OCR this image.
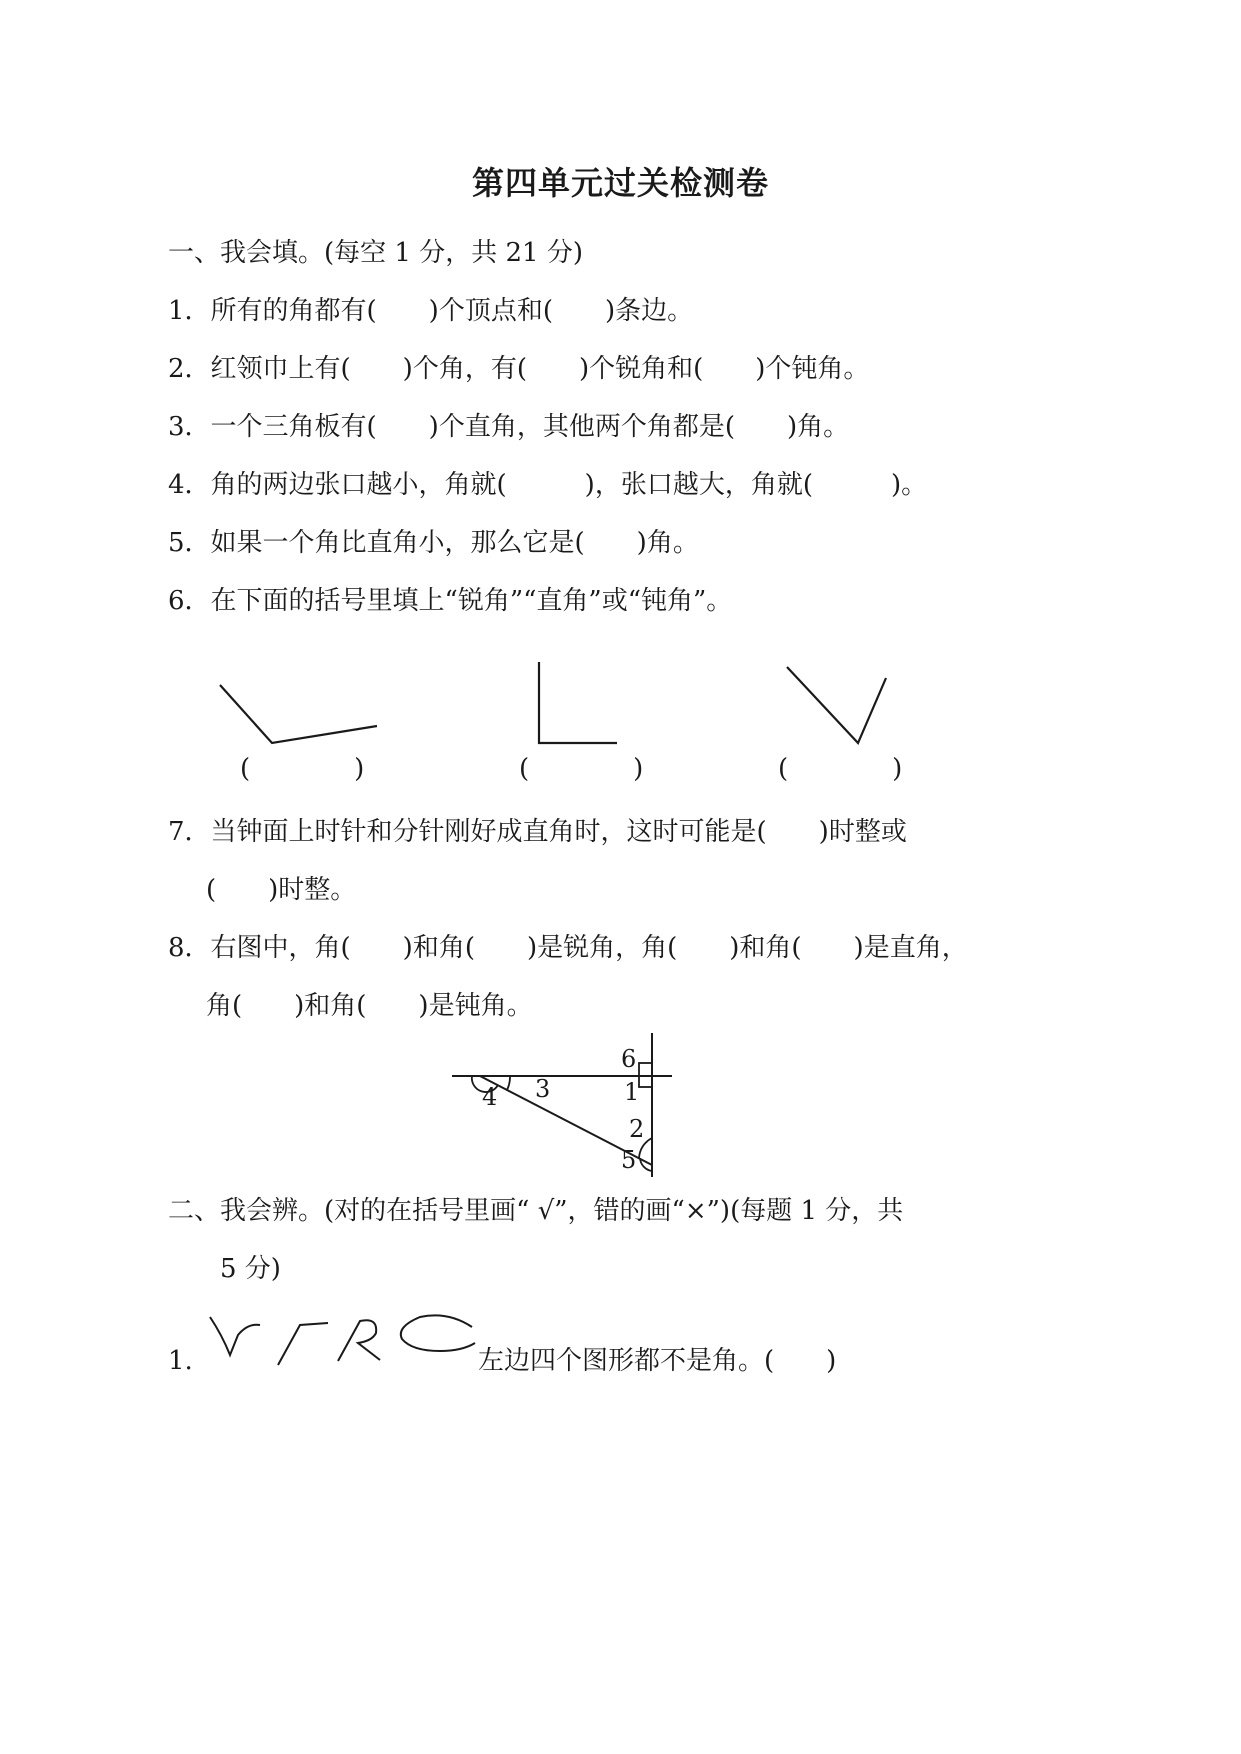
第四单元过关检测卷
一、我会填。(每空 1 分，共 21 分)
1．所有的角都有(　　)个顶点和(　　)条边。
2．红领巾上有(　　)个角，有(　　)个锐角和(　　)个钝角。
3．一个三角板有(　　)个直角，其他两个角都是(　　)角。
4．角的两边张口越小，角就(　　　)，张口越大，角就(　　　)。
5．如果一个角比直角小，那么它是(　　)角。
6．在下面的括号里填上“锐角”“直角”或“钝角”。
(　　　　)	(　　　　)	(　　　　)
7．当钟面上时针和分针刚好成直角时，这时可能是(　　)时整或
(　　)时整。
8．右图中，角(　　)和角(　　)是锐角，角(　　)和角(　　)是直角，
角(　　)和角(　　)是钝角。
6
3	1
4
2
5
二、我会辨。(对的在括号里画“ √”，错的画“×”)(每题 1 分，共
5 分)
1.	左边四个图形都不是角。(　　)
